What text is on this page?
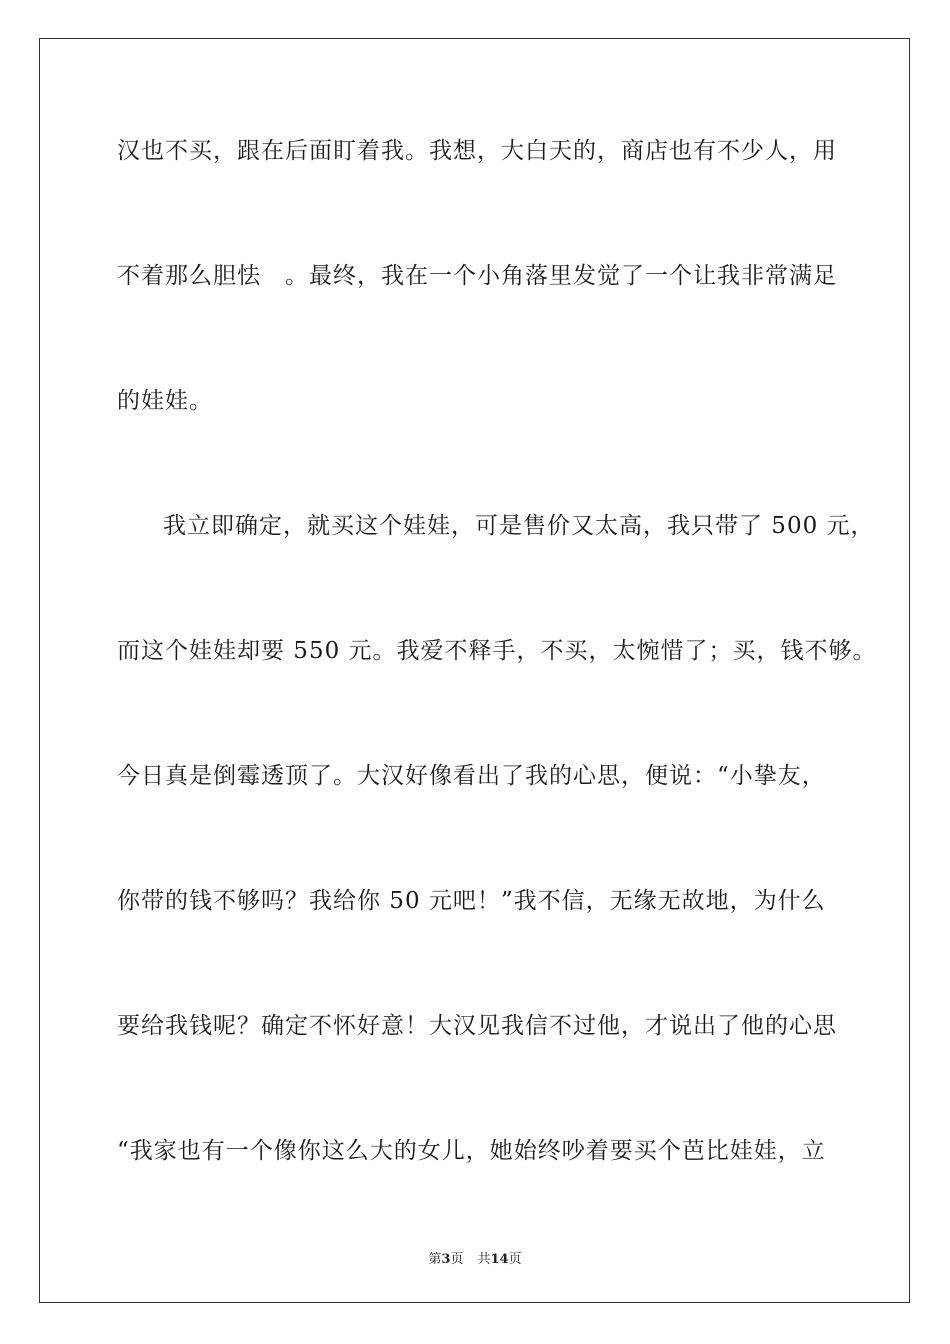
汉也不买，跟在后面盯着我。我想，大白天的，商店也有不少人，用
不着那么胆怯　。最终，我在一个小角落里发觉了一个让我非常满足
的娃娃。
我立即确定，就买这个娃娃，可是售价又太高，我只带了 500 元，
而这个娃娃却要 550 元。我爱不释手，不买，太惋惜了；买，钱不够。
今日真是倒霉透顶了。大汉好像看出了我的心思，便说：“小挚友，
你带的钱不够吗？我给你 50 元吧！”我不信，无缘无故地，为什么
要给我钱呢？确定不怀好意！大汉见我信不过他，才说出了他的心思
“我家也有一个像你这么大的女儿，她始终吵着要买个芭比娃娃，立
第3页 共14页
